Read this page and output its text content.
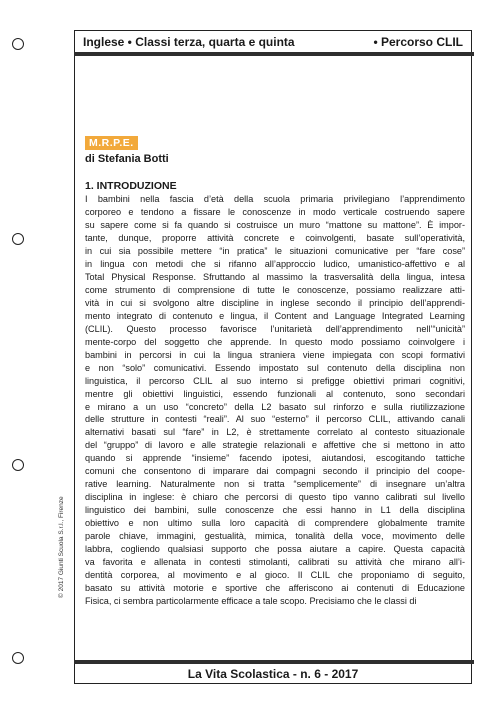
© 2017 Giunti Scuola S.r.l., Firenze
Inglese • Classi terza, quarta e quinta	• Percorso CLIL
M.R.P.E.
di Stefania Botti
1. INTRODUZIONE
I bambini nella fascia d’età della scuola primaria privilegiano l’apprendimento
corporeo e tendono a fissare le conoscenze in modo verticale costruendo sapere
su sapere come si fa quando si costruisce un muro “mattone su mattone”. È impor-
tante, dunque, proporre attività concrete e coinvolgenti, basate sull’operatività,
in cui sia possibile mettere “in pratica” le situazioni comunicative per “fare cose”
in lingua con metodi che si rifanno all’approccio ludico, umanistico-affettivo e al
Total Physical Response. Sfruttando al massimo la trasversalità della lingua, intesa
come strumento di comprensione di tutte le conoscenze, possiamo realizzare atti-
vità in cui si svolgono altre discipline in inglese secondo il principio dell’apprendi-
mento integrato di contenuto e lingua, il Content and Language Integrated Learning
(CLIL). Questo processo favorisce l’unitarietà dell’apprendimento nell’“unicità”
mente-corpo del soggetto che apprende. In questo modo possiamo coinvolgere i
bambini in percorsi in cui la lingua straniera viene impiegata con scopi formativi
e non “solo” comunicativi. Essendo impostato sul contenuto della disciplina non
linguistica, il percorso CLIL al suo interno si prefigge obiettivi primari cognitivi,
mentre gli obiettivi linguistici, essendo funzionali al contenuto, sono secondari
e mirano a un uso “concreto” della L2 basato sul rinforzo e sulla riutilizzazione
delle strutture in contesti “reali”. Al suo “esterno” il percorso CLIL, attivando canali
alternativi basati sul “fare” in L2, è strettamente correlato al contesto situazionale
del “gruppo” di lavoro e alle strategie relazionali e affettive che si mettono in atto
quando si apprende “insieme” facendo ipotesi, aiutandosi, escogitando tattiche
comuni che consentono di imparare dai compagni secondo il principio del coope-
rative learning. Naturalmente non si tratta “semplicemente” di insegnare un’altra
disciplina in inglese: è chiaro che percorsi di questo tipo vanno calibrati sul livello
linguistico dei bambini, sulle conoscenze che essi hanno in L1 della disciplina
obiettivo e non ultimo sulla loro capacità di comprendere globalmente tramite
parole chiave, immagini, gestualità, mimica, tonalità della voce, movimento delle
labbra, cogliendo qualsiasi supporto che possa aiutare a capire. Questa capacità
va favorita e allenata in contesti stimolanti, calibrati su attività che mirano all’i-
dentità corporea, al movimento e al gioco. Il CLIL che proponiamo di seguito,
basato su attività motorie e sportive che afferiscono ai contenuti di Educazione
Fisica, ci sembra particolarmente efficace a tale scopo. Precisiamo che le classi di
La Vita Scolastica - n. 6 - 2017
